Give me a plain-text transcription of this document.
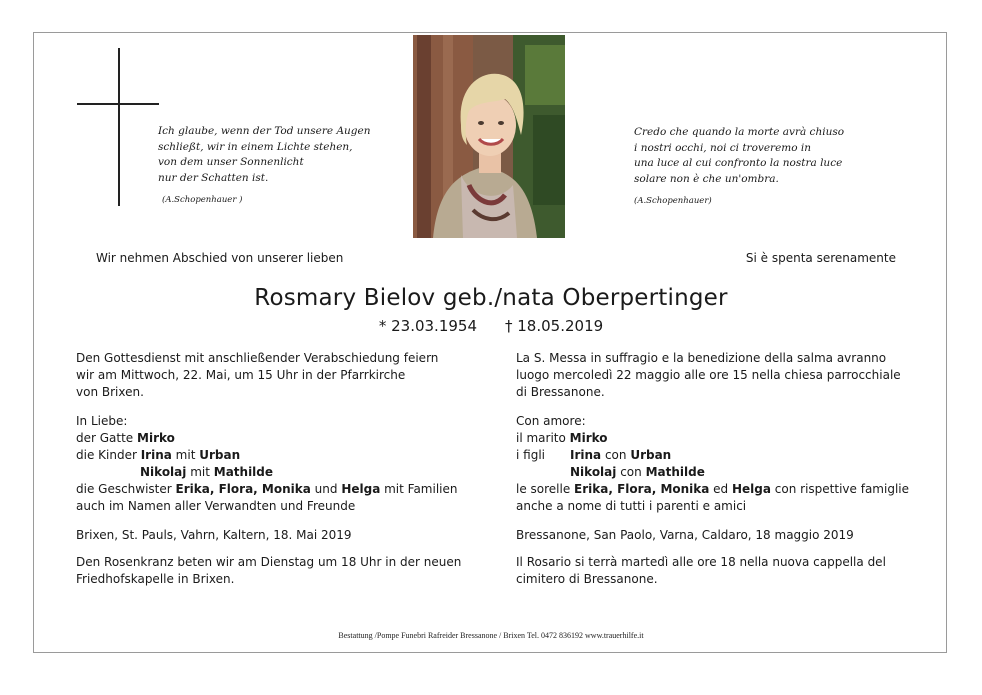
Ich glaube, wenn der Tod unsere Augen

schließt, wir in einem Lichte stehen,

von dem unser Sonnenlicht

nur der Schatten ist.

(A.Schopenhauer )

Credo che quando la morte avrà chiuso

i nostri occhi, noi ci troveremo in

una luce al cui confronto la nostra luce

solare non è che un'ombra.

(A.Schopenhauer)

Wir nehmen Abschied von unserer lieben	Si è spenta serenamente
Rosmary Bielov geb./nata Oberpertinger
* 23.03.1954 † 18.05.2019

Den Gottesdienst mit anschließender Verabschiedung feiern

wir am Mittwoch, 22. Mai, um 15 Uhr in der Pfarrkirche

von Brixen.

In Liebe:

der Gatte Mirko

die Kinder Irina mit Urban

Nikolaj mit Mathilde

die Geschwister Erika, Flora, Monika und Helga mit Familien

auch im Namen aller Verwandten und Freunde

Brixen, St. Pauls, Vahrn, Kaltern, 18. Mai 2019

Den Rosenkranz beten wir am Dienstag um 18 Uhr in der neuen

Friedhofskapelle in Brixen.

La S. Messa in suffragio e la benedizione della salma avranno

luogo mercoledì 22 maggio alle ore 15 nella chiesa parrocchiale

di Bressanone.

Con amore:

il marito Mirko

i figli Irina con Urban

Nikolaj con Mathilde

le sorelle Erika, Flora, Monika ed Helga con rispettive famiglie

anche a nome di tutti i parenti e amici

Bressanone, San Paolo, Varna, Caldaro, 18 maggio 2019

Il Rosario si terrà martedì alle ore 18 nella nuova cappella del

cimitero di Bressanone.

Bestattung /Pompe Funebri Rafreider Bressanone / Brixen Tel. 0472 836192 www.trauerhilfe.it
